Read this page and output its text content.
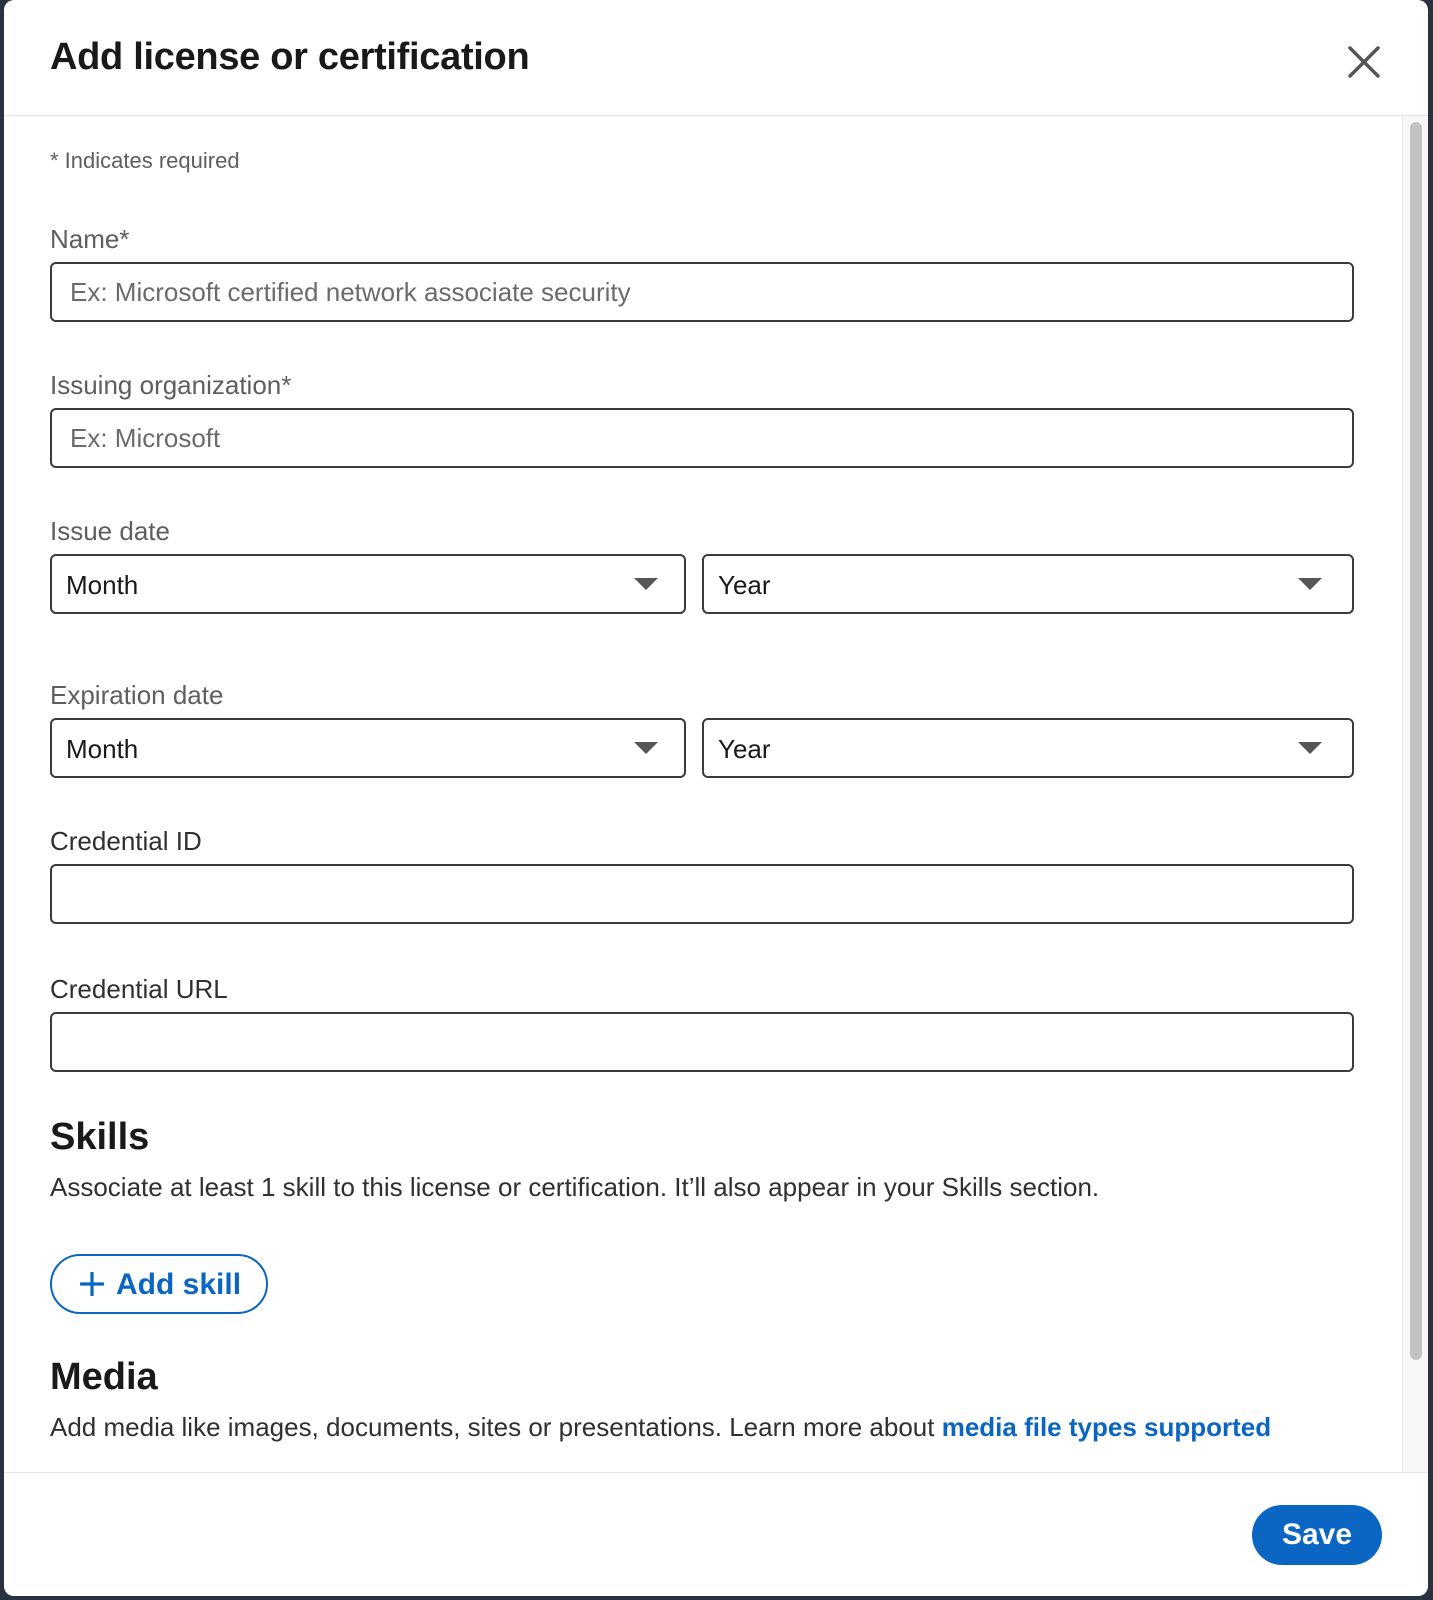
Add license or certification
* Indicates required
Name*
Ex: Microsoft certified network associate security
Issuing organization*
Ex: Microsoft
Issue date
Month	Year
Expiration date
Month	Year
Credential ID
Credential URL
Skills
Associate at least 1 skill to this license or certification. It’ll also appear in your Skills section.
Add skill
Media
Add media like images, documents, sites or presentations. Learn more about media file types supported
Save
